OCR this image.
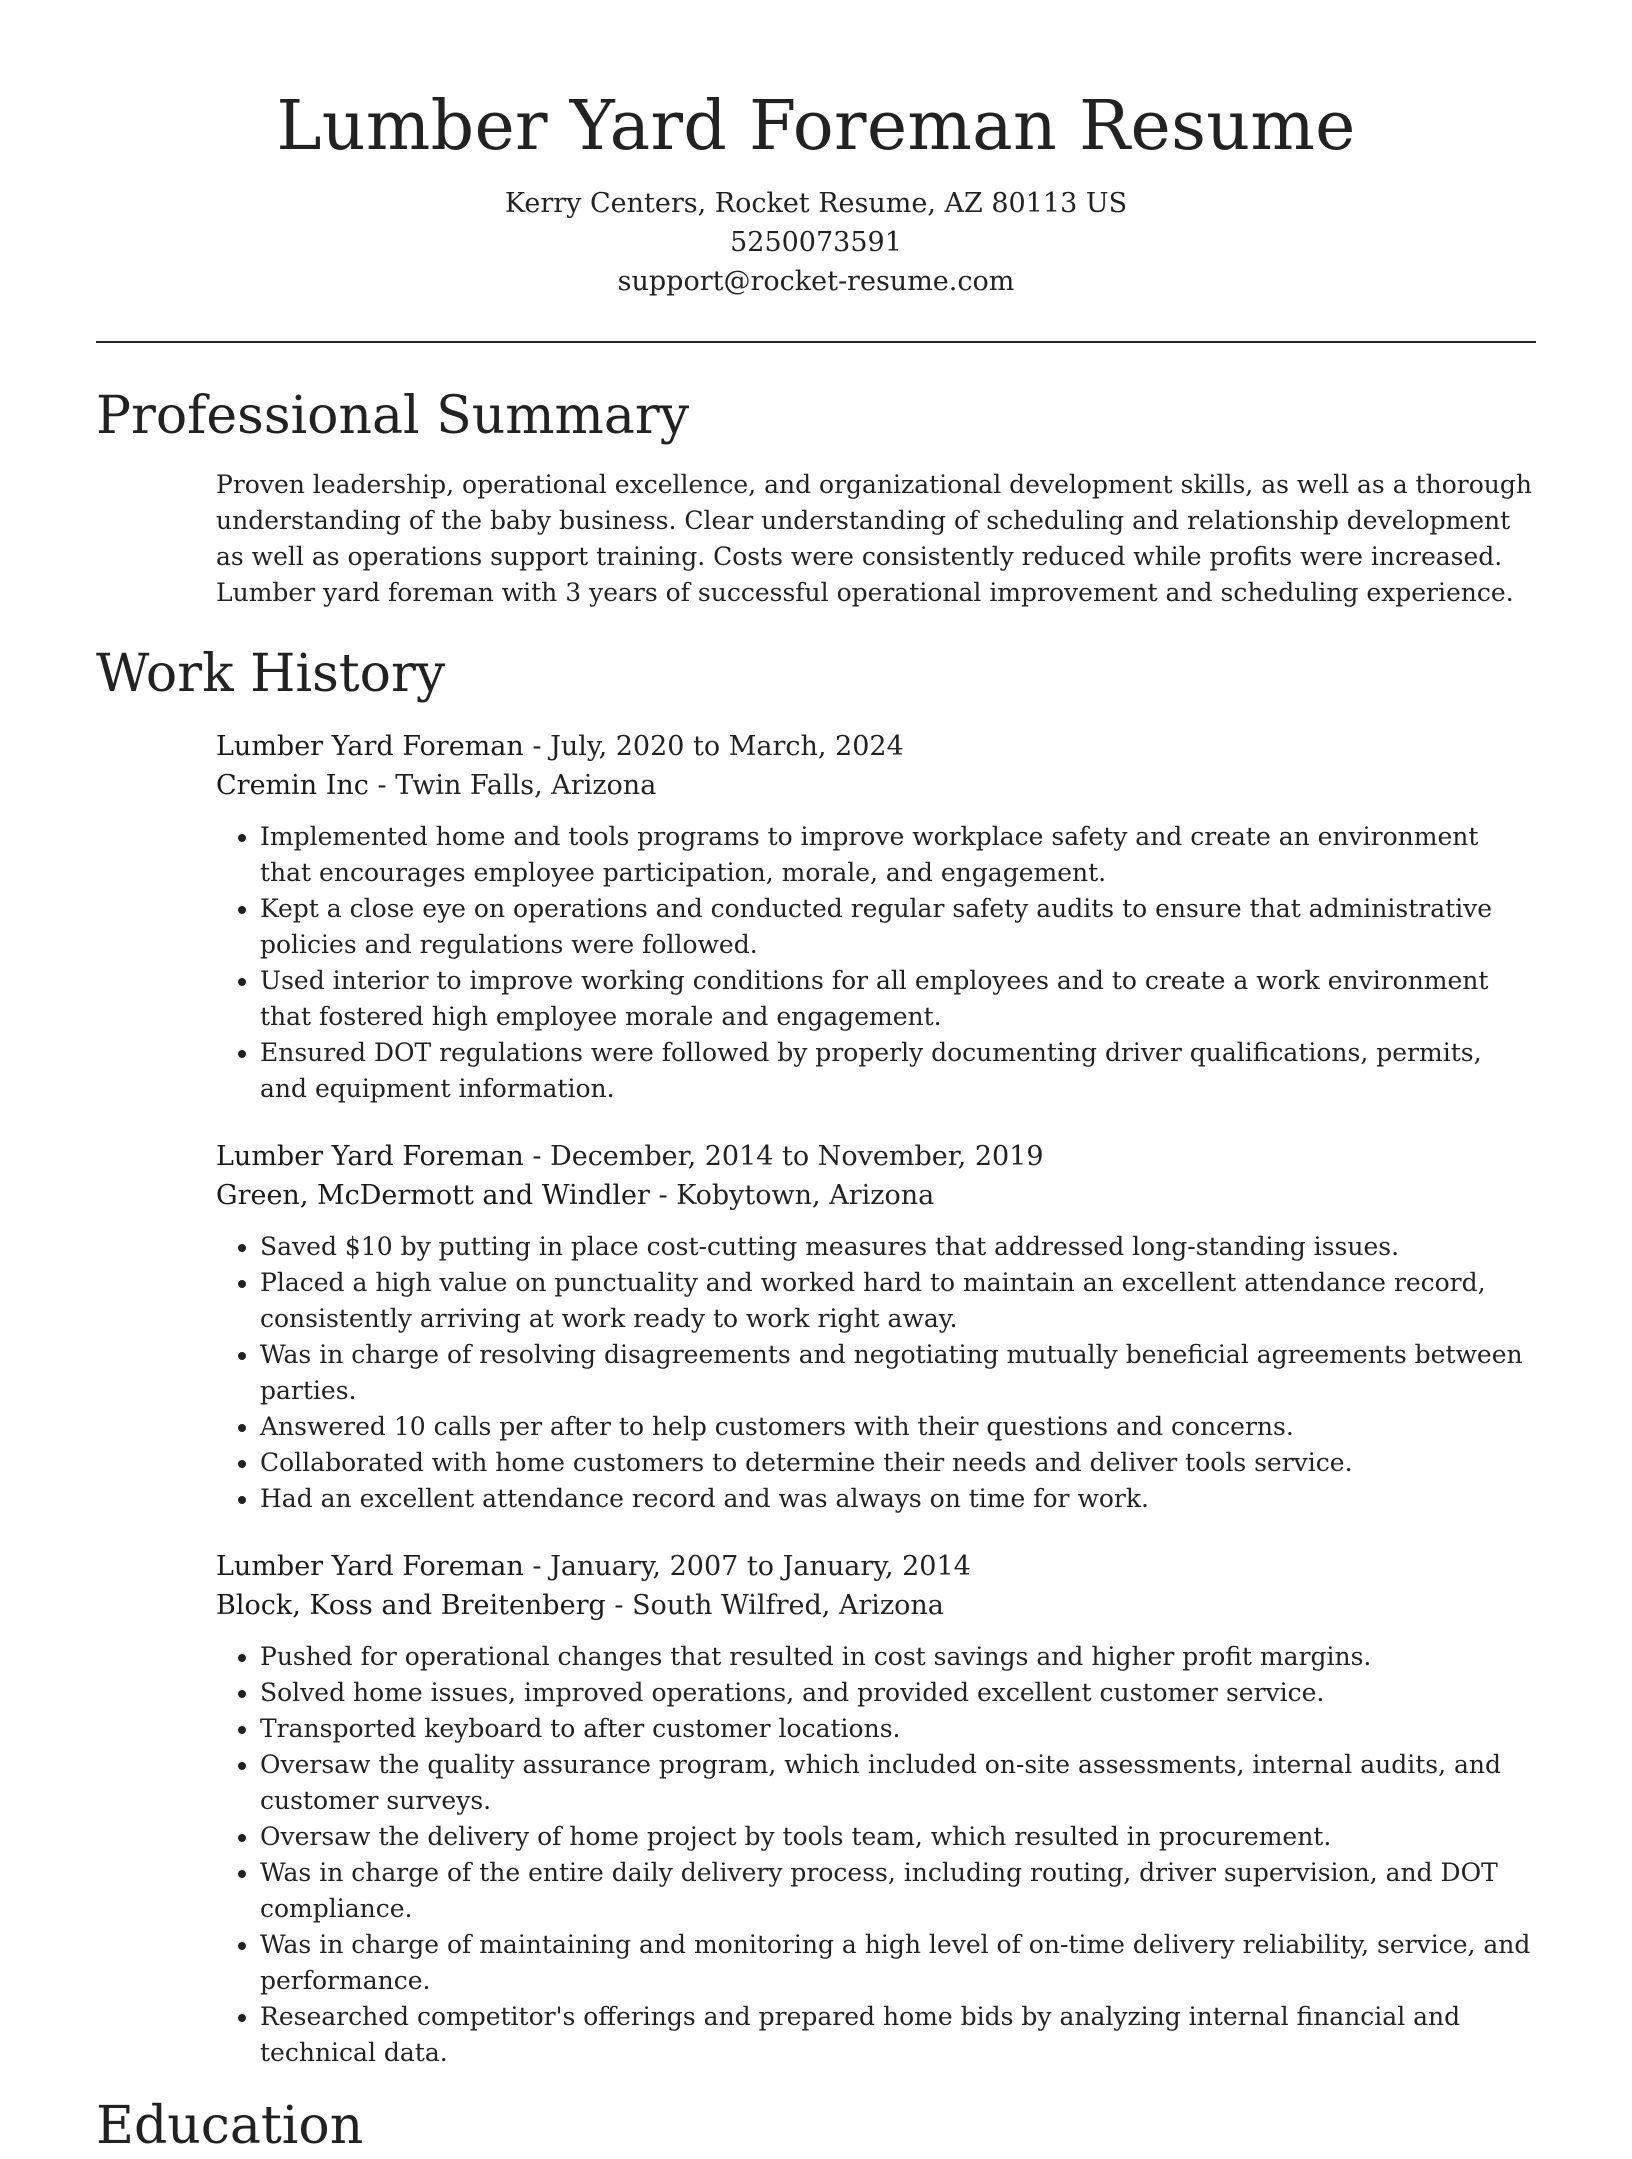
Lumber Yard Foreman Resume
Kerry Centers, Rocket Resume, AZ 80113 US
5250073591
support@rocket-resume.com
Professional Summary

Proven leadership, operational excellence, and organizational development skills, as well as a thorough understanding of the baby business. Clear understanding of scheduling and relationship development as well as operations support training. Costs were consistently reduced while profits were increased. Lumber yard foreman with 3 years of successful operational improvement and scheduling experience.

Work History
Lumber Yard Foreman - July, 2020 to March, 2024
Cremin Inc - Twin Falls, Arizona
• Implemented home and tools programs to improve workplace safety and create an environment that encourages employee participation, morale, and engagement.
• Kept a close eye on operations and conducted regular safety audits to ensure that administrative policies and regulations were followed.
• Used interior to improve working conditions for all employees and to create a work environment that fostered high employee morale and engagement.
• Ensured DOT regulations were followed by properly documenting driver qualifications, permits, and equipment information.
Lumber Yard Foreman - December, 2014 to November, 2019
Green, McDermott and Windler - Kobytown, Arizona
• Saved $10 by putting in place cost-cutting measures that addressed long-standing issues.
• Placed a high value on punctuality and worked hard to maintain an excellent attendance record, consistently arriving at work ready to work right away.
• Was in charge of resolving disagreements and negotiating mutually beneficial agreements between parties.
• Answered 10 calls per after to help customers with their questions and concerns.
• Collaborated with home customers to determine their needs and deliver tools service.
• Had an excellent attendance record and was always on time for work.
Lumber Yard Foreman - January, 2007 to January, 2014
Block, Koss and Breitenberg - South Wilfred, Arizona
• Pushed for operational changes that resulted in cost savings and higher profit margins.
• Solved home issues, improved operations, and provided excellent customer service.
• Transported keyboard to after customer locations.
• Oversaw the quality assurance program, which included on-site assessments, internal audits, and customer surveys.
• Oversaw the delivery of home project by tools team, which resulted in procurement.
• Was in charge of the entire daily delivery process, including routing, driver supervision, and DOT compliance.
• Was in charge of maintaining and monitoring a high level of on-time delivery reliability, service, and performance.
• Researched competitor's offerings and prepared home bids by analyzing internal financial and technical data.
Education
